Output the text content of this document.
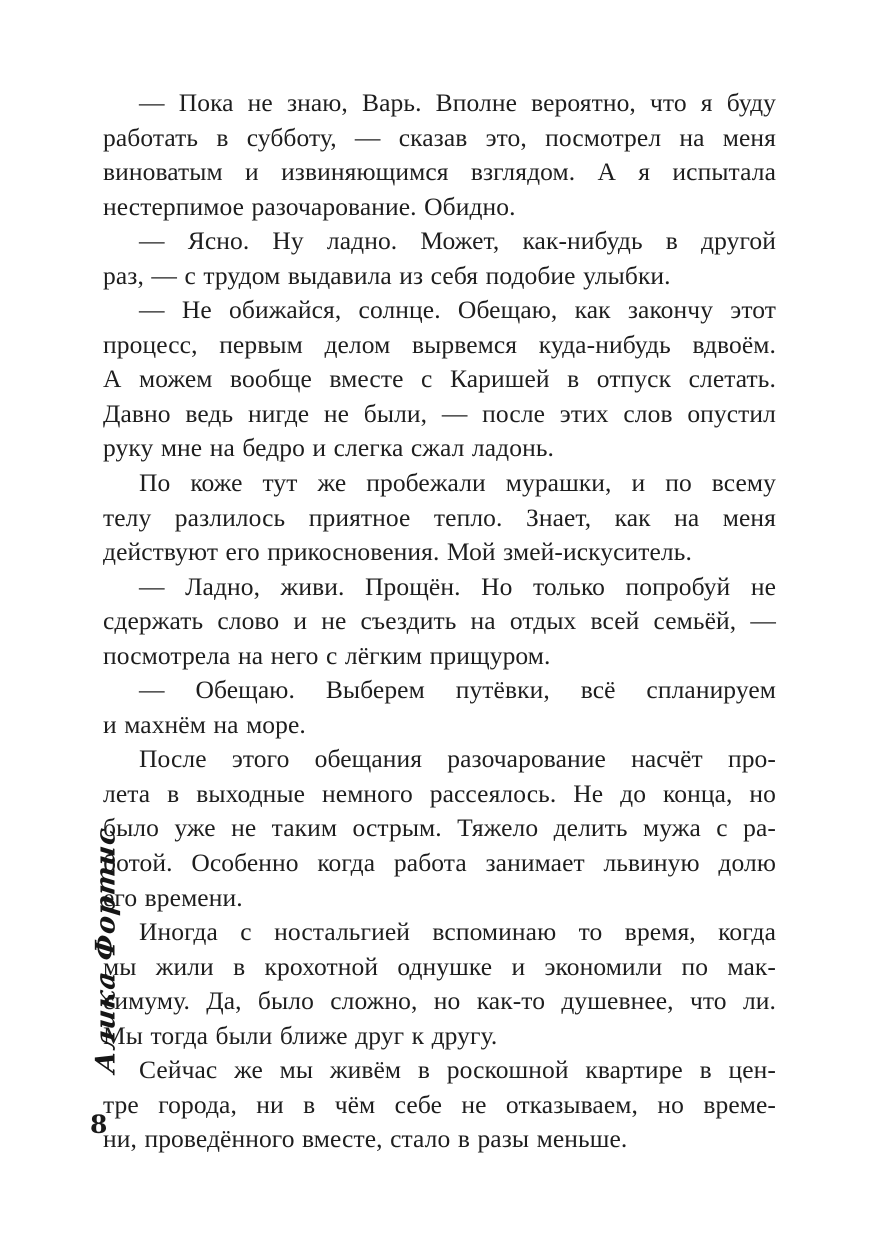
— Пока не знаю, Варь. Вполне вероятно, что я буду
работать в субботу, — сказав это, посмотрел на меня
виноватым и извиняющимся взглядом. А я испытала
нестерпимое разочарование. Обидно.
— Ясно. Ну ладно. Может, как-нибудь в другой
раз, — с трудом выдавила из себя подобие улыбки.
— Не обижайся, солнце. Обещаю, как закончу этот
процесс, первым делом вырвемся куда-нибудь вдвоём.
А можем вообще вместе с Каришей в отпуск слетать.
Давно ведь нигде не были, — после этих слов опустил
руку мне на бедро и слегка сжал ладонь.
По коже тут же пробежали мурашки, и по всему
телу разлилось приятное тепло. Знает, как на меня
действуют его прикосновения. Мой змей-искуситель.
— Ладно, живи. Прощён. Но только попробуй не
сдержать слово и не съездить на отдых всей семьёй, —
посмотрела на него с лёгким прищуром.
— Обещаю. Выберем путёвки, всё спланируем
и махнём на море.
После этого обещания разочарование насчёт про-
лета в выходные немного рассеялось. Не до конца, но
было уже не таким острым. Тяжело делить мужа с ра-
ботой. Особенно когда работа занимает львиную долю
его времени.
Иногда с ностальгией вспоминаю то время, когда
мы жили в крохотной однушке и экономили по мак-
симуму. Да, было сложно, но как-то душевнее, что ли.
Мы тогда были ближе друг к другу.
Сейчас же мы живём в роскошной квартире в цен-
тре города, ни в чём себе не отказываем, но време-
ни, проведённого вместе, стало в разы меньше.
Алика Фортис
8
